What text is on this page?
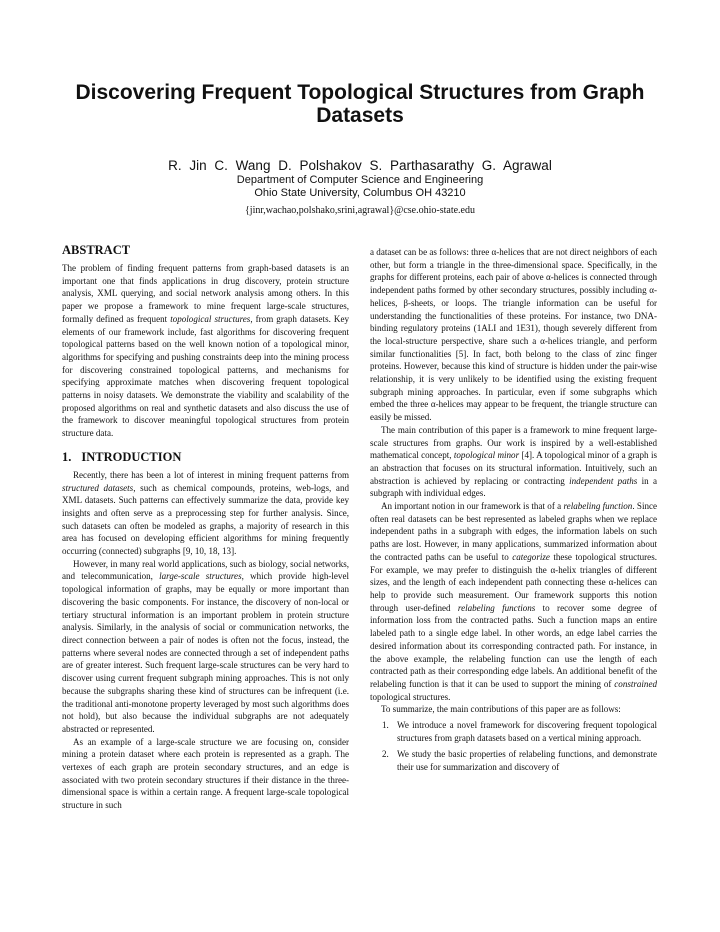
Discovering Frequent Topological Structures from Graph Datasets

R. Jin C. Wang D. Polshakov S. Parthasarathy G. Agrawal

Department of Computer Science and Engineering

Ohio State University, Columbus OH 43210

{jinr,wachao,polshako,srini,agrawal}@cse.ohio-state.edu

ABSTRACT

The problem of finding frequent patterns from graph-based datasets is an important one that finds applications in drug discovery, protein structure analysis, XML querying, and social network analysis among others. In this paper we propose a framework to mine frequent large-scale structures, formally defined as frequent topological structures, from graph datasets. Key elements of our framework include, fast algorithms for discovering frequent topological patterns based on the well known notion of a topological minor, algorithms for specifying and pushing constraints deep into the mining process for discovering constrained topological patterns, and mechanisms for specifying approximate matches when discovering frequent topological patterns in noisy datasets. We demonstrate the viability and scalability of the proposed algorithms on real and synthetic datasets and also discuss the use of the framework to discover meaningful topological structures from protein structure data.

1. INTRODUCTION

Recently, there has been a lot of interest in mining frequent patterns from structured datasets, such as chemical compounds, proteins, web-logs, and XML datasets. Such patterns can effectively summarize the data, provide key insights and often serve as a preprocessing step for further analysis. Since, such datasets can often be modeled as graphs, a majority of research in this area has focused on developing efficient algorithms for mining frequently occurring (connected) subgraphs [9, 10, 18, 13].

However, in many real world applications, such as biology, social networks, and telecommunication, large-scale structures, which provide high-level topological information of graphs, may be equally or more important than discovering the basic components. For instance, the discovery of non-local or tertiary structural information is an important problem in protein structure analysis. Similarly, in the analysis of social or communication networks, the direct connection between a pair of nodes is often not the focus, instead, the patterns where several nodes are connected through a set of independent paths are of greater interest. Such frequent large-scale structures can be very hard to discover using current frequent subgraph mining approaches. This is not only because the subgraphs sharing these kind of structures can be infrequent (i.e. the traditional anti-monotone property leveraged by most such algorithms does not hold), but also because the individual subgraphs are not adequately abstracted or represented.

As an example of a large-scale structure we are focusing on, consider mining a protein dataset where each protein is represented as a graph. The vertexes of each graph are protein secondary structures, and an edge is associated with two protein secondary structures if their distance in the three-dimensional space is within a certain range. A frequent large-scale topological structure in such

a dataset can be as follows: three α-helices that are not direct neighbors of each other, but form a triangle in the three-dimensional space. Specifically, in the graphs for different proteins, each pair of above α-helices is connected through independent paths formed by other secondary structures, possibly including α-helices, β-sheets, or loops. The triangle information can be useful for understanding the functionalities of these proteins. For instance, two DNA-binding regulatory proteins (1ALI and 1E31), though severely different from the local-structure perspective, share such a α-helices triangle, and perform similar functionalities [5]. In fact, both belong to the class of zinc finger proteins. However, because this kind of structure is hidden under the pair-wise relationship, it is very unlikely to be identified using the existing frequent subgraph mining approaches. In particular, even if some subgraphs which embed the three α-helices may appear to be frequent, the triangle structure can easily be missed.

The main contribution of this paper is a framework to mine frequent large-scale structures from graphs. Our work is inspired by a well-established mathematical concept, topological minor [4]. A topological minor of a graph is an abstraction that focuses on its structural information. Intuitively, such an abstraction is achieved by replacing or contracting independent paths in a subgraph with individual edges.

An important notion in our framework is that of a relabeling function. Since often real datasets can be best represented as labeled graphs when we replace independent paths in a subgraph with edges, the information labels on such paths are lost. However, in many applications, summarized information about the contracted paths can be useful to categorize these topological structures. For example, we may prefer to distinguish the α-helix triangles of different sizes, and the length of each independent path connecting these α-helices can help to provide such measurement. Our framework supports this notion through user-defined relabeling functions to recover some degree of information loss from the contracted paths. Such a function maps an entire labeled path to a single edge label. In other words, an edge label carries the desired information about its corresponding contracted path. For instance, in the above example, the relabeling function can use the length of each contracted path as their corresponding edge labels. An additional benefit of the relabeling function is that it can be used to support the mining of constrained topological structures.

To summarize, the main contributions of this paper are as follows:

1. We introduce a novel framework for discovering frequent topological structures from graph datasets based on a vertical mining approach.
2. We study the basic properties of relabeling functions, and demonstrate their use for summarization and discovery of
